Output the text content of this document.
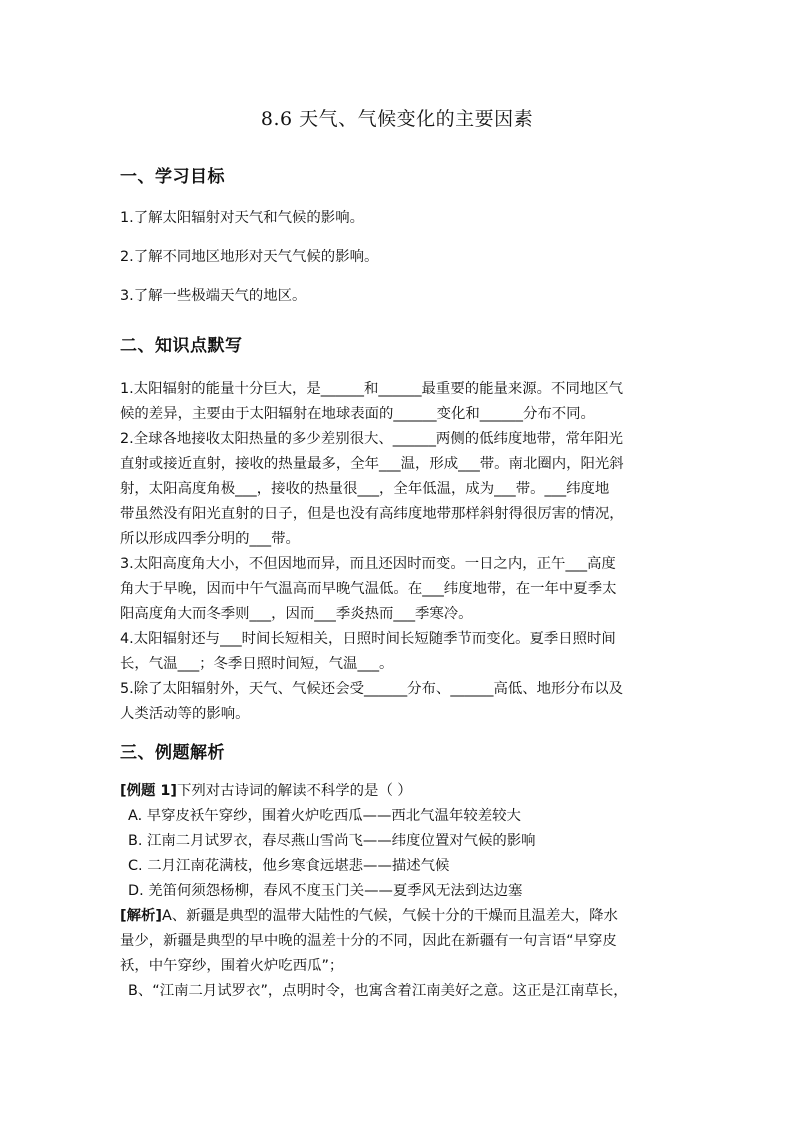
8.6 天气、气候变化的主要因素
一、学习目标
1.了解太阳辐射对天气和气候的影响。
2.了解不同地区地形对天气气候的影响。
3.了解一些极端天气的地区。
二、知识点默写
1.太阳辐射的能量十分巨大，是______和______最重要的能量来源。不同地区气
候的差异，主要由于太阳辐射在地球表面的______变化和______分布不同。
2.全球各地接收太阳热量的多少差别很大、______两侧的低纬度地带，常年阳光
直射或接近直射，接收的热量最多，全年___温，形成___带。南北圈内，阳光斜
射，太阳高度角极___，接收的热量很___，全年低温，成为___带。___纬度地
带虽然没有阳光直射的日子，但是也没有高纬度地带那样斜射得很厉害的情况，
所以形成四季分明的___带。
3.太阳高度角大小，不但因地而异，而且还因时而变。一日之内，正午___高度
角大于早晚，因而中午气温高而早晚气温低。在___纬度地带，在一年中夏季太
阳高度角大而冬季则___，因而___季炎热而___季寒冷。
4.太阳辐射还与___时间长短相关，日照时间长短随季节而变化。夏季日照时间
长，气温___；冬季日照时间短，气温___。
5.除了太阳辐射外，天气、气候还会受______分布、______高低、地形分布以及
人类活动等的影响。
三、例题解析
[例题 1]下列对古诗词的解读不科学的是（ ）
A. 早穿皮袄午穿纱，围着火炉吃西瓜——西北气温年较差较大
B. 江南二月试罗衣，春尽燕山雪尚飞——纬度位置对气候的影响
C. 二月江南花满枝，他乡寒食远堪悲——描述气候
D. 羌笛何须怨杨柳，春风不度玉门关——夏季风无法到达边塞
[解析]A、新疆是典型的温带大陆性的气候，气候十分的干燥而且温差大，降水
量少，新疆是典型的早中晚的温差十分的不同，因此在新疆有一句言语“早穿皮
袄，中午穿纱，围着火炉吃西瓜”；
B、“江南二月试罗衣”，点明时令，也寓含着江南美好之意。这正是江南草长，
